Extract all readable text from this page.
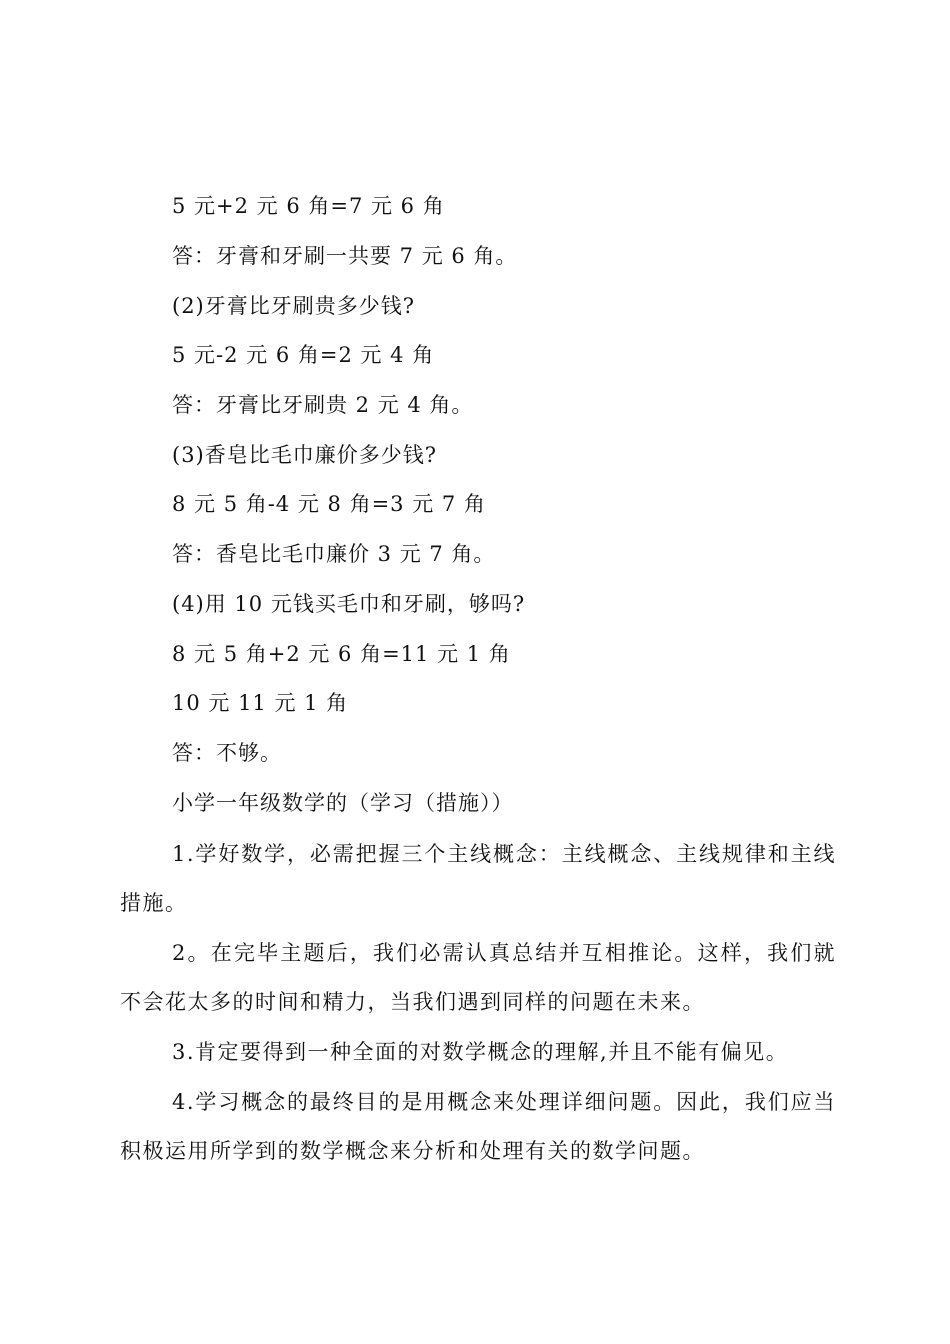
5 元+2 元 6 角=7 元 6 角
答：牙膏和牙刷一共要 7 元 6 角。
(2)牙膏比牙刷贵多少钱?
5 元-2 元 6 角=2 元 4 角
答：牙膏比牙刷贵 2 元 4 角。
(3)香皂比毛巾廉价多少钱?
8 元 5 角-4 元 8 角=3 元 7 角
答：香皂比毛巾廉价 3 元 7 角。
(4)用 10 元钱买毛巾和牙刷，够吗?
8 元 5 角+2 元 6 角=11 元 1 角
10 元 11 元 1 角
答：不够。
小学一年级数学的（学习（措施））
1.学好数学，必需把握三个主线概念：主线概念、主线规律和主线措施。
2。在完毕主题后，我们必需认真总结并互相推论。这样，我们就不会花太多的时间和精力，当我们遇到同样的问题在未来。
3.肯定要得到一种全面的对数学概念的理解,并且不能有偏见。
4.学习概念的最终目的是用概念来处理详细问题。因此，我们应当积极运用所学到的数学概念来分析和处理有关的数学问题。
